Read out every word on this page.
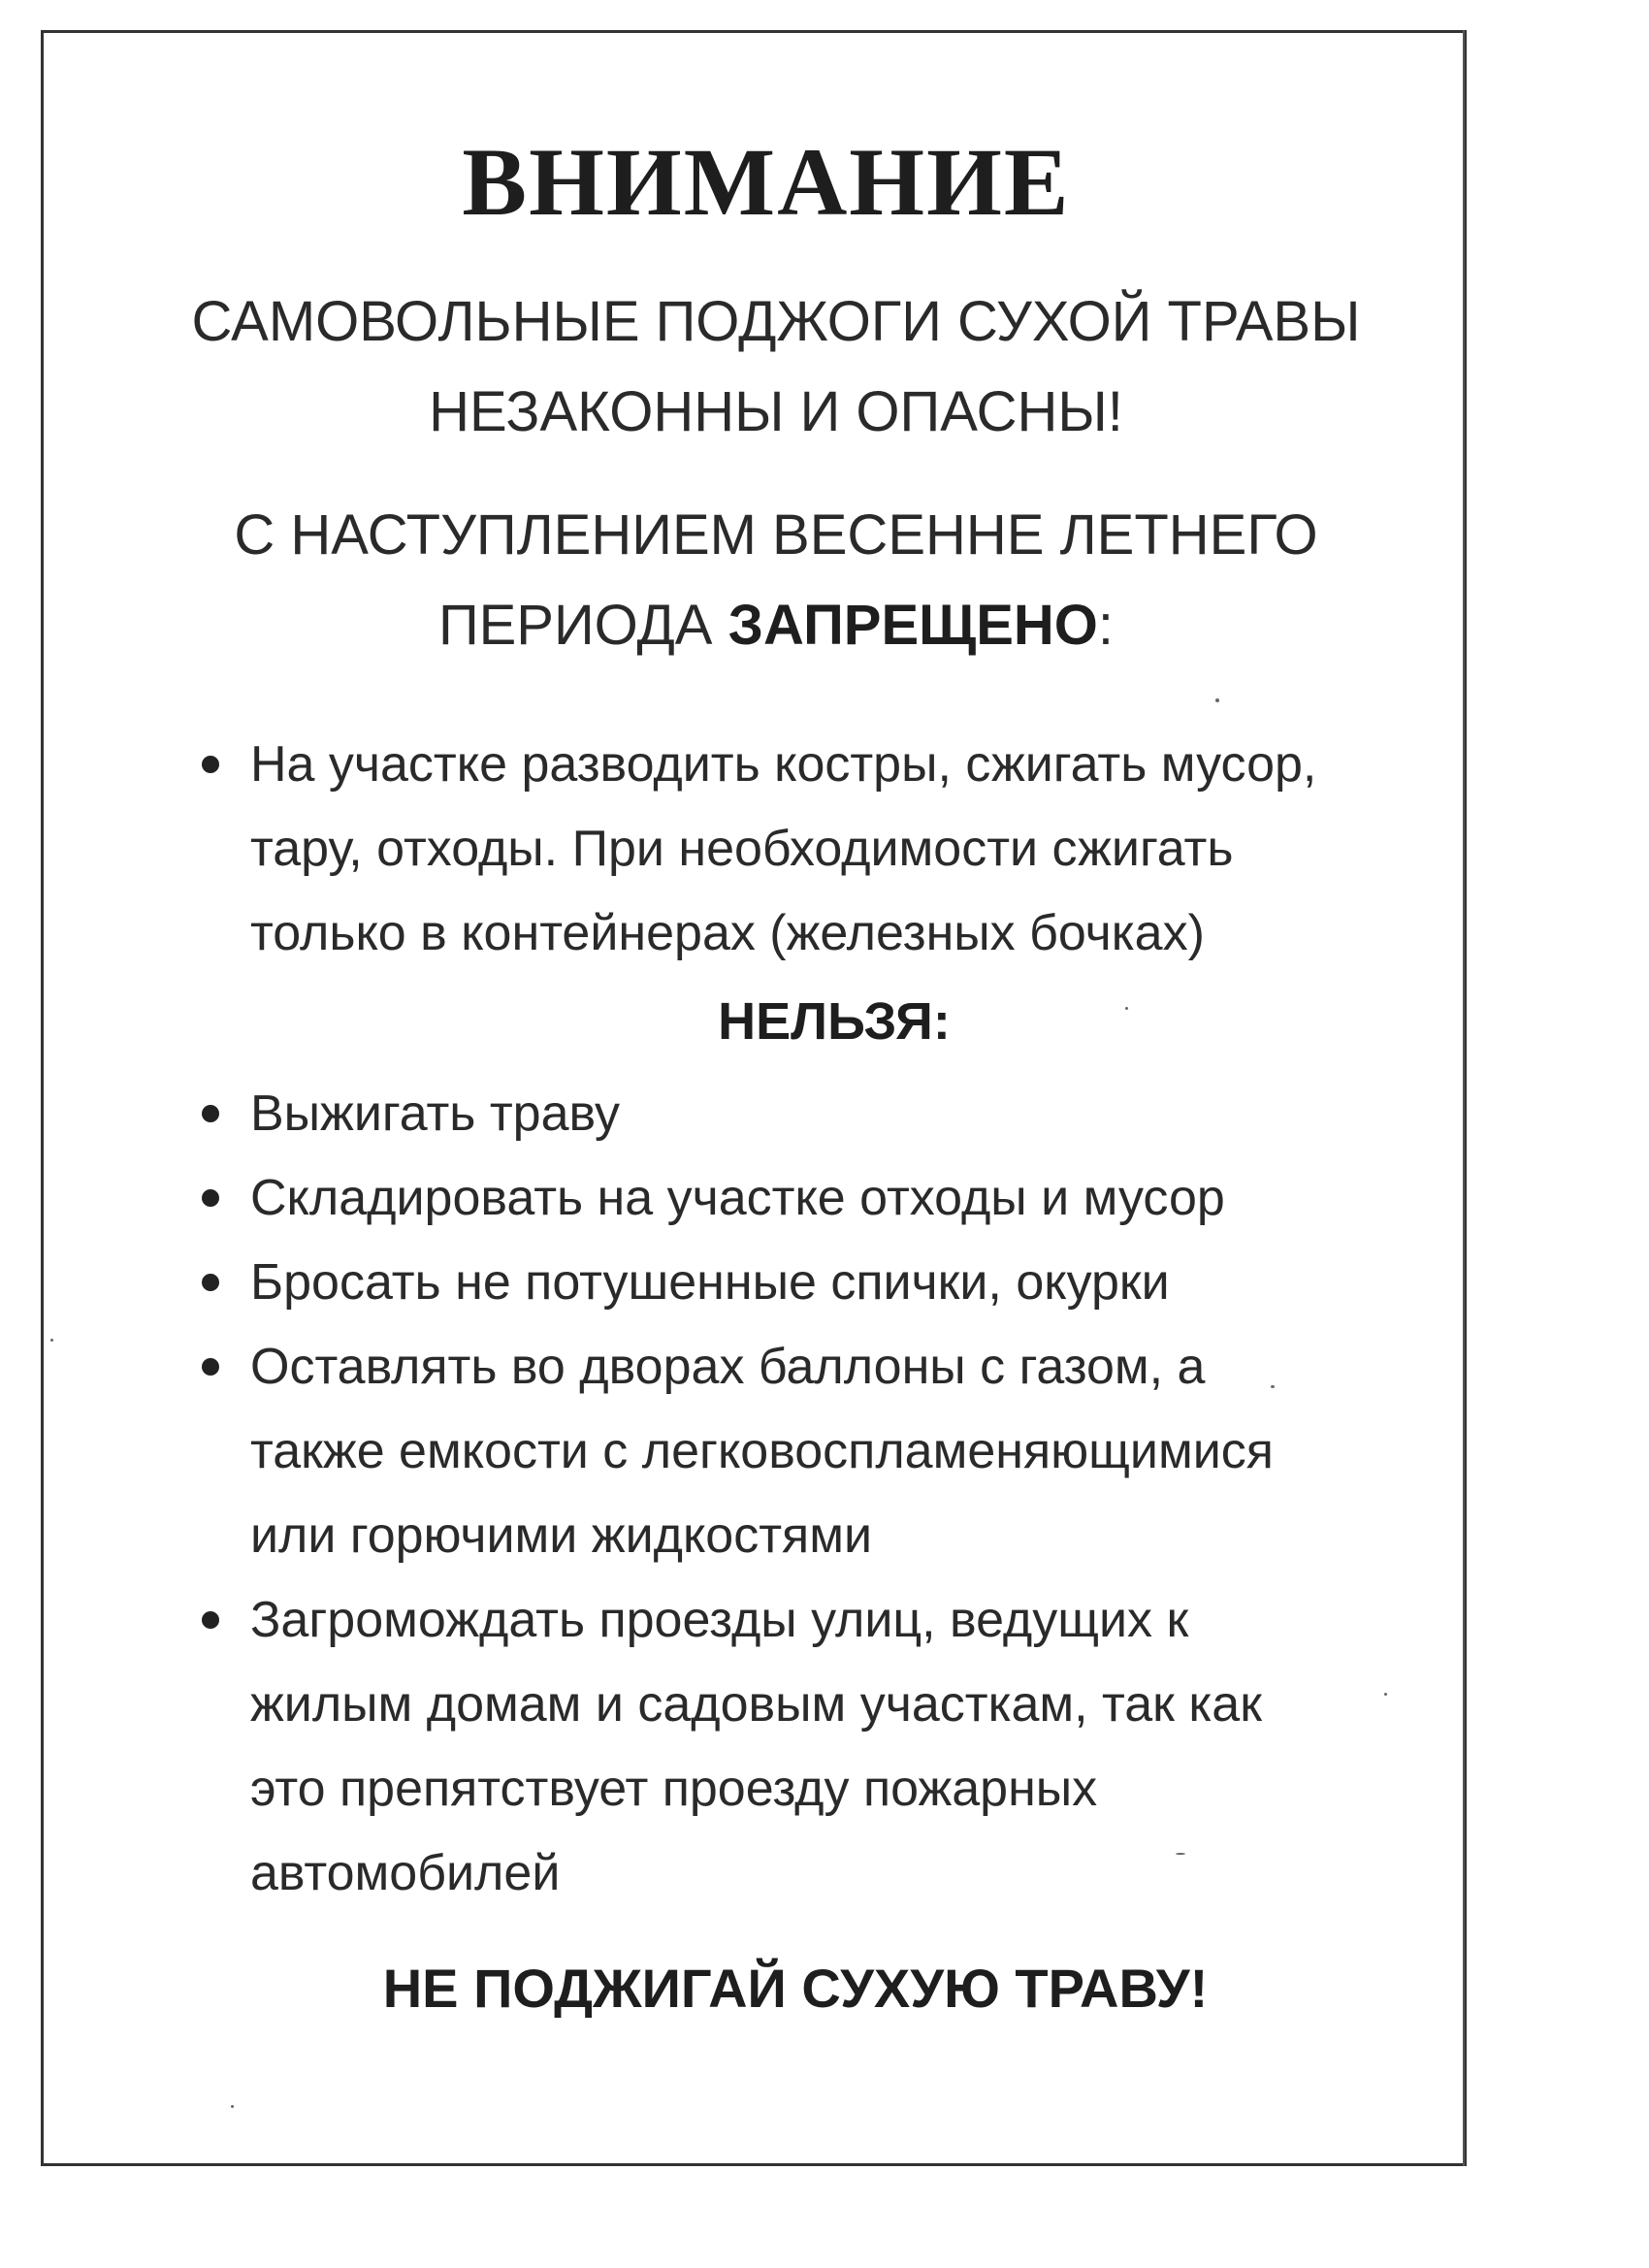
ВНИМАНИЕ
САМОВОЛЬНЫЕ ПОДЖОГИ СУХОЙ ТРАВЫ
НЕЗАКОННЫ И ОПАСНЫ!
С НАСТУПЛЕНИЕМ ВЕСЕННЕ ЛЕТНЕГО
ПЕРИОДА ЗАПРЕЩЕНО:
На участке разводить костры, сжигать мусор,
тару, отходы. При необходимости сжигать
только в контейнерах (железных бочках)
НЕЛЬЗЯ:
Выжигать траву
Складировать на участке отходы и мусор
Бросать не потушенные спички, окурки
Оставлять во дворах баллоны с газом, а
также емкости с легковоспламеняющимися
или горючими жидкостями
Загромождать проезды улиц, ведущих к
жилым домам и садовым участкам, так как
это препятствует проезду пожарных
автомобилей
НЕ ПОДЖИГАЙ СУХУЮ ТРАВУ!
